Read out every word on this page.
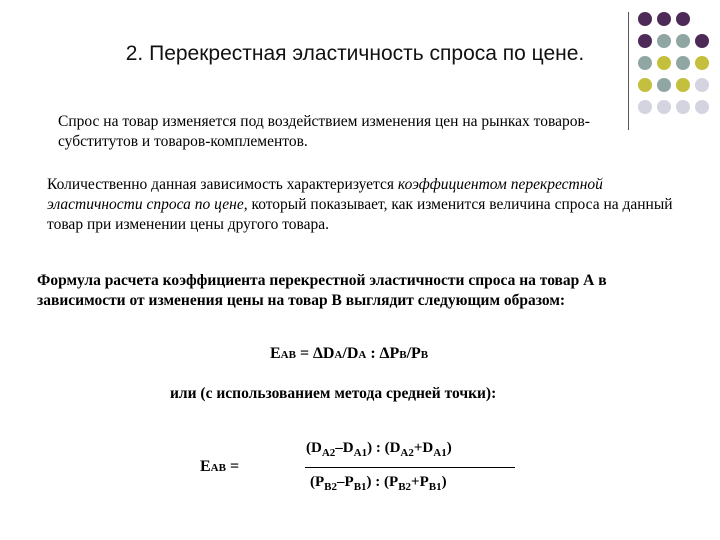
2. Перекрестная эластичность спроса по цене.
Спрос на товар изменяется под воздействием изменения цен на рынках товаров-субститутов и товаров-комплементов.
Количественно данная зависимость характеризуется коэффициентом перекрестной эластичности спроса по цене, который показывает, как изменится величина спроса на данный товар при изменении цены другого товара.
Формула расчета коэффициента перекрестной эластичности спроса на товар А в зависимости от изменения цены на товар В выглядит следующим образом:
EAB = ∆DA/DA : ∆PB/PB
или (с использованием метода средней точки):
EAB =
$(D_{A2}-D_{A1})$ : $(D_{A2}+D_{A1})$
$(P_{B2}-P_{B1})$ : $(P_{B2}+P_{B1})$
